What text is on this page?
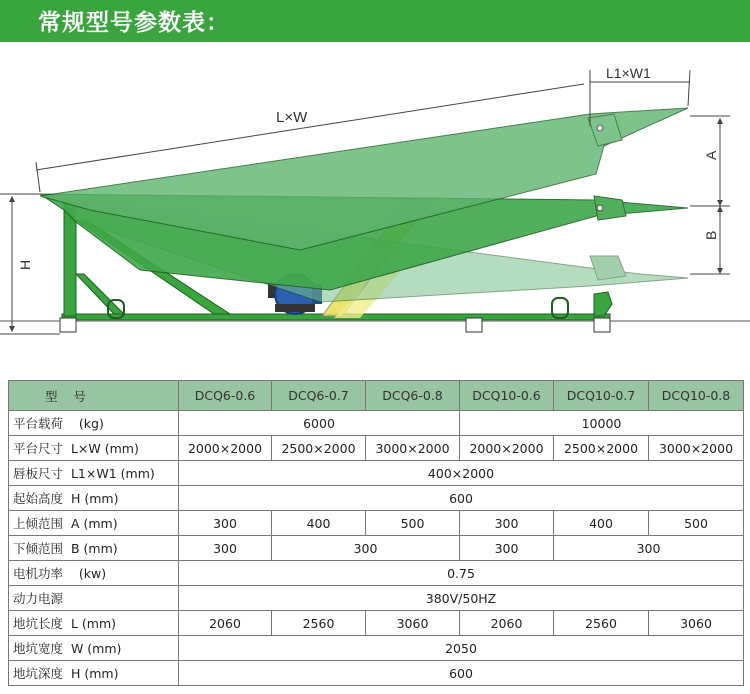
常规型号参数表：
L×W
L1×W1
H
A
B
型 号	DCQ6-0.6	DCQ6-0.7	DCQ6-0.8	DCQ10-0.6	DCQ10-0.7	DCQ10-0.8
平台载荷 (kg)	6000			10000		
平台尺寸 L×W (mm)	2000×2000	2500×2000	3000×2000	2000×2000	2500×2000	3000×2000
唇板尺寸 L1×W1 (mm)	400×2000					
起始高度 H (mm)	600					
上倾范围 A (mm)	300	400	500	300	400	500
下倾范围 B (mm)	300	300		300	300	
电机功率 (kw)	0.75					
动力电源	380V/50HZ					
地坑长度 L (mm)	2060	2560	3060	2060	2560	3060
地坑宽度 W (mm)	2050					
地坑深度 H (mm)	600					
